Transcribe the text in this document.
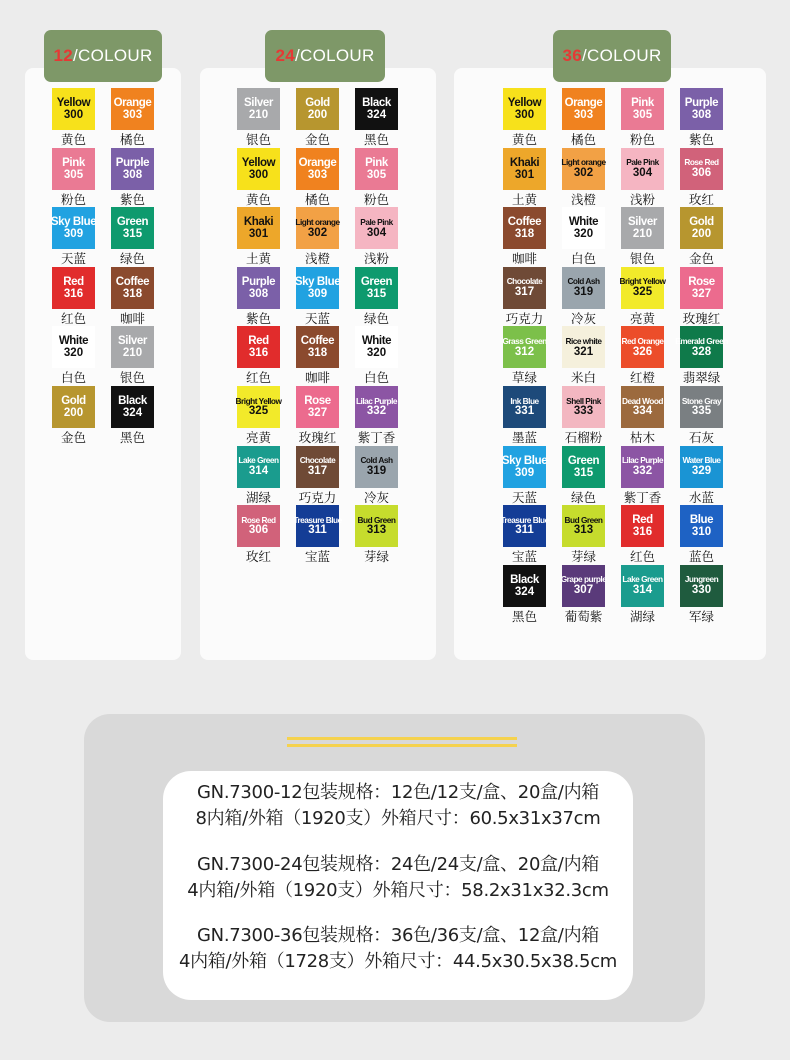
12 /COLOUR	24 /COLOUR	36 /COLOUR
Yellow
300
黄色
Orange
303
橘色
Pink
305
粉色
Purple
308
紫色
Sky Blue
309
天蓝
Green
315
绿色
Red
316
红色
Coffee
318
咖啡
White
320
白色
Silver
210
银色
Gold
200
金色
Black
324
黑色
Silver
210
银色
Gold
200
金色
Black
324
黑色
Yellow
300
黄色
Orange
303
橘色
Pink
305
粉色
Khaki
301
土黄
Light orange
302
浅橙
Pale Pink
304
浅粉
Purple
308
紫色
Sky Blue
309
天蓝
Green
315
绿色
Red
316
红色
Coffee
318
咖啡
White
320
白色
Bright Yellow
325
亮黄
Rose
327
玫瑰红
Lilac Purple
332
紫丁香
Lake Green
314
湖绿
Chocolate
317
巧克力
Cold Ash
319
冷灰
Rose Red
306
玫红
Treasure Blue
311
宝蓝
Bud Green
313
芽绿
Yellow
300
黄色
Orange
303
橘色
Pink
305
粉色
Purple
308
紫色
Khaki
301
土黄
Light orange
302
浅橙
Pale Pink
304
浅粉
Rose Red
306
玫红
Coffee
318
咖啡
White
320
白色
Silver
210
银色
Gold
200
金色
Chocolate
317
巧克力
Cold Ash
319
冷灰
Bright Yellow
325
亮黄
Rose
327
玫瑰红
Grass Green
312
草绿
Rice white
321
米白
Red Orange
326
红橙
Emerald Green
328
翡翠绿
Ink Blue
331
墨蓝
Shell Pink
333
石榴粉
Dead Wood
334
枯木
Stone Gray
335
石灰
Sky Blue
309
天蓝
Green
315
绿色
Lilac Purple
332
紫丁香
Water Blue
329
水蓝
Treasure Blue
311
宝蓝
Bud Green
313
芽绿
Red
316
红色
Blue
310
蓝色
Black
324
黑色
Grape purple
307
葡萄紫
Lake Green
314
湖绿
Jungreen
330
军绿
GN.7300-12包装规格：12色/12支/盒、20盒/内箱
8内箱/外箱（1920支）外箱尺寸：60.5x31x37cm
GN.7300-24包装规格：24色/24支/盒、20盒/内箱
4内箱/外箱（1920支）外箱尺寸：58.2x31x32.3cm
GN.7300-36包装规格：36色/36支/盒、12盒/内箱
4内箱/外箱（1728支）外箱尺寸：44.5x30.5x38.5cm
